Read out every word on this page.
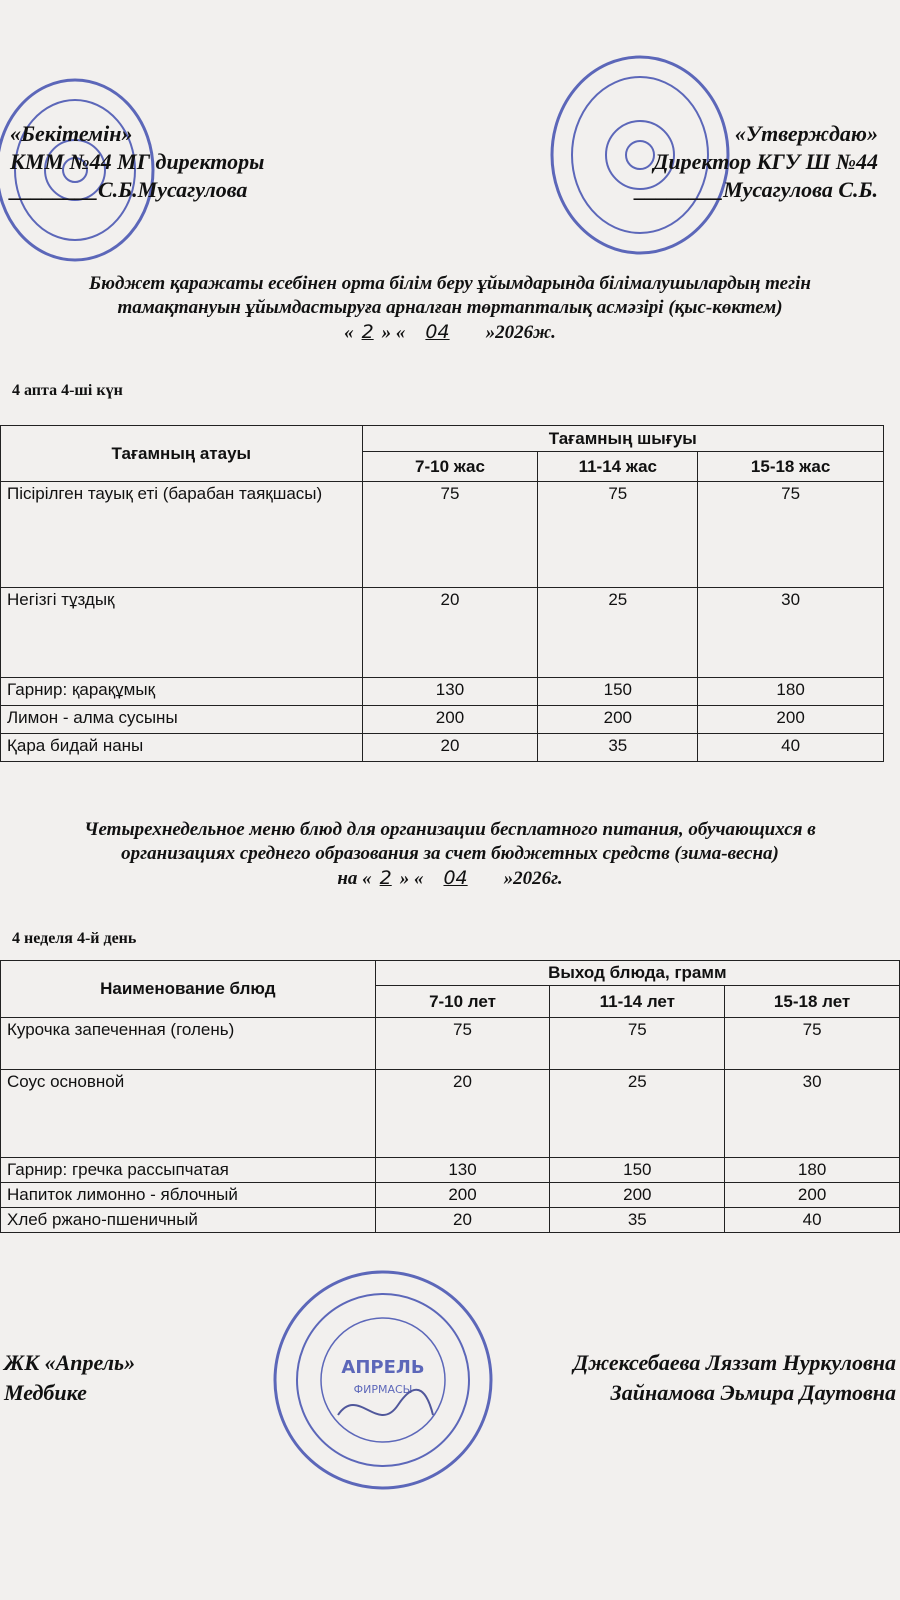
АПРЕЛЬ
ФИРМАСЫ
«Бекітемін»
КММ №44 МГ директоры
________С.Б.Мусагулова
«Утверждаю»
Директор КГУ Ш №44
________Мусагулова С.Б.
Бюджет қаражаты есебінен орта білім беру ұйымдарында білімалушылардың тегін
тамақтануын ұйымдастыруға арналған төртапталық асмәзірі (қыс-көктем)
« 2 » « 04 »2026ж.
4 апта 4-ші күн
Тағамның атауы	Тағамның шығуы		
	7-10 жас	11-14 жас	15-18 жас
Пісірілген тауық еті (барабан таяқшасы)	75	75	75
Негізгі тұздық	20	25	30
Гарнир: қарақұмық	130	150	180
Лимон - алма сусыны	200	200	200
Қара бидай наны	20	35	40
Четырехнедельное меню блюд для организации бесплатного питания, обучающихся в
организациях среднего образования за счет бюджетных средств (зима-весна)
на « 2 » « 04 »2026г.
4 неделя 4-й день
Наименование блюд	Выход блюда, грамм		
	7-10 лет	11-14 лет	15-18 лет
Курочка запеченная (голень)	75	75	75
Соус основной	20	25	30
Гарнир: гречка рассыпчатая	130	150	180
Напиток лимонно - яблочный	200	200	200
Хлеб ржано-пшеничный	20	35	40
ЖК «Апрель»
Медбике
Джексебаева Ляззат Нуркуловна
Зайнамова Эьмира Даутовна
